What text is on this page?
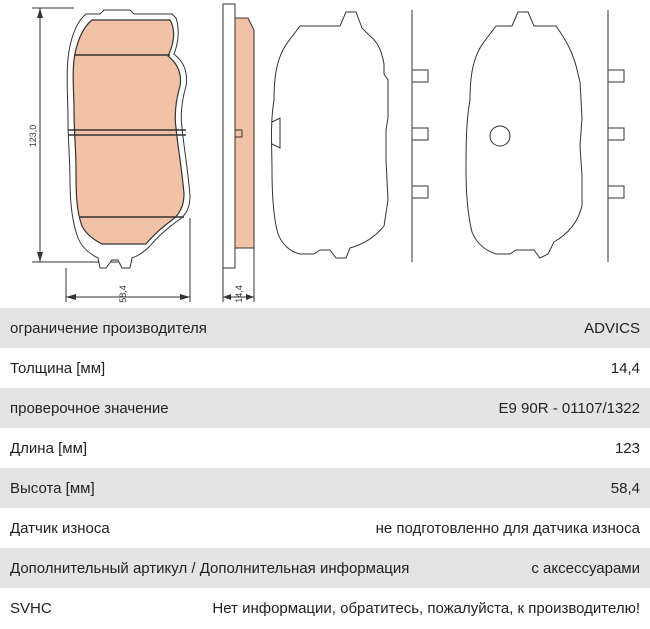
123,0
58,4	14,4
ограничение производителя	ADVICS
Толщина [мм]	14,4
проверочное значение	E9 90R - 01107/1322
Длина [мм]	123
Высота [мм]	58,4
Датчик износа	не подготовленно для датчика износа
Дополнительный артикул / Дополнительная информация	с аксессуарами
SVHC	Нет информации, обратитесь, пожалуйста, к производителю!
